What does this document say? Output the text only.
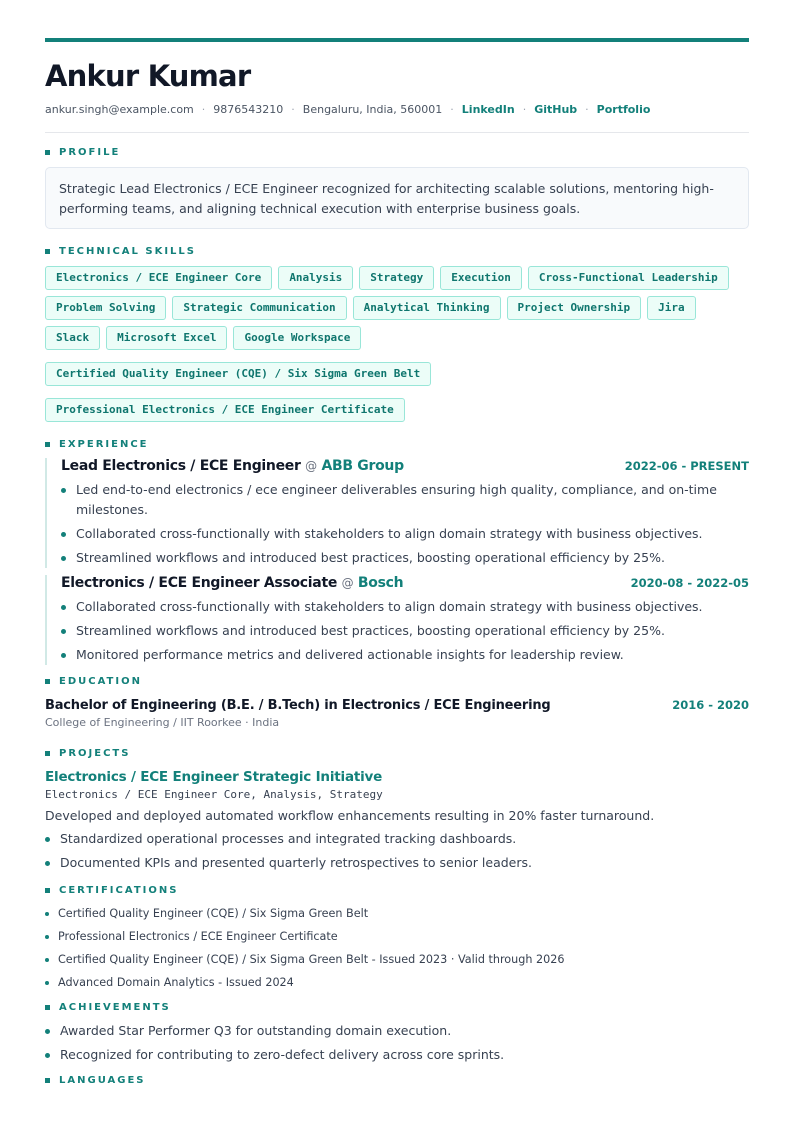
Ankur Kumar
ankur.singh@example.com · 9876543210 · Bengaluru, India, 560001 · LinkedIn · GitHub · Portfolio
PROFILE
Strategic Lead Electronics / ECE Engineer recognized for architecting scalable solutions, mentoring high-performing teams, and aligning technical execution with enterprise business goals.
TECHNICAL SKILLS
Electronics / ECE Engineer Core	Analysis	Strategy	Execution	Cross-Functional Leadership
Problem Solving	Strategic Communication	Analytical Thinking	Project Ownership	Jira
Slack	Microsoft Excel	Google Workspace
Certified Quality Engineer (CQE) / Six Sigma Green Belt
Professional Electronics / ECE Engineer Certificate
EXPERIENCE
Lead Electronics / ECE Engineer @ ABB Group	2022-06 - PRESENT
Led end-to-end electronics / ece engineer deliverables ensuring high quality, compliance, and on-time milestones.
Collaborated cross-functionally with stakeholders to align domain strategy with business objectives.
Streamlined workflows and introduced best practices, boosting operational efficiency by 25%.
Electronics / ECE Engineer Associate @ Bosch	2020-08 - 2022-05
Collaborated cross-functionally with stakeholders to align domain strategy with business objectives.
Streamlined workflows and introduced best practices, boosting operational efficiency by 25%.
Monitored performance metrics and delivered actionable insights for leadership review.
EDUCATION
Bachelor of Engineering (B.E. / B.Tech) in Electronics / ECE Engineering	2016 - 2020
College of Engineering / IIT Roorkee · India
PROJECTS
Electronics / ECE Engineer Strategic Initiative
Electronics / ECE Engineer Core, Analysis, Strategy
Developed and deployed automated workflow enhancements resulting in 20% faster turnaround.
Standardized operational processes and integrated tracking dashboards.
Documented KPIs and presented quarterly retrospectives to senior leaders.
CERTIFICATIONS
Certified Quality Engineer (CQE) / Six Sigma Green Belt
Professional Electronics / ECE Engineer Certificate
Certified Quality Engineer (CQE) / Six Sigma Green Belt - Issued 2023 · Valid through 2026
Advanced Domain Analytics - Issued 2024
ACHIEVEMENTS
Awarded Star Performer Q3 for outstanding domain execution.
Recognized for contributing to zero-defect delivery across core sprints.
LANGUAGES
